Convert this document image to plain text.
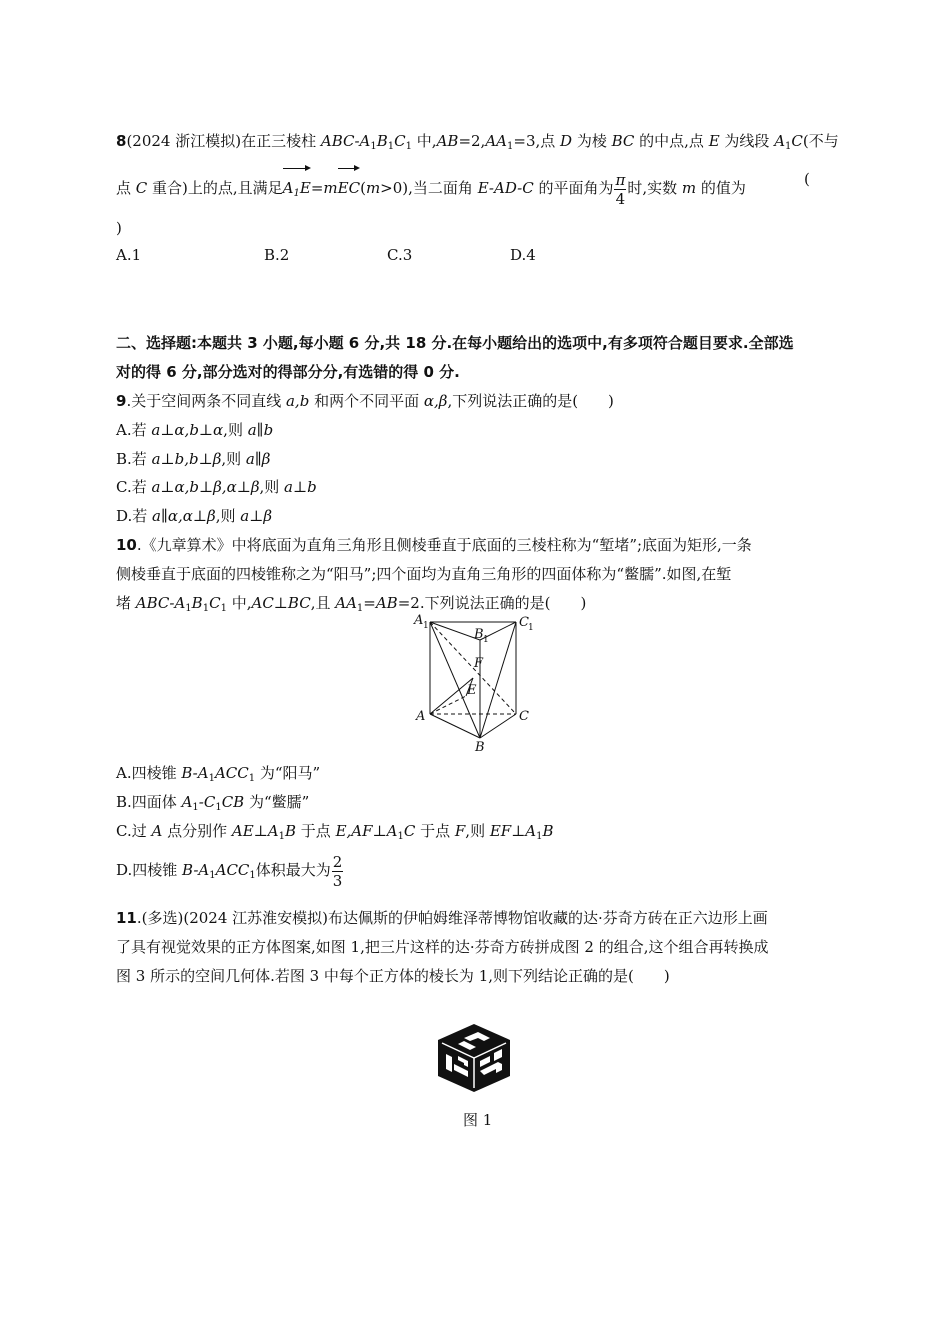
8(2024 浙江模拟)在正三棱柱 ABC-$A_1B_1C_1$ 中$,AB=2,AA_1=3$,点 D 为棱 BC 的中点,点 E 为线段 $A_1C$(不与
点 C 重合)上的点,且满足$A_1E=mEC(m>0)$,当二面角 E-AD-C 的平面角为 $\frac{\pi}{4}$ 时,实数 m 的值为	(
)
A.1	B.2	C.3	D.4
二、选择题:本题共 3 小题,每小题 6 分,共 18 分.在每小题给出的选项中,有多项符合题目要求.全部选
对的得 6 分,部分选对的得部分分,有选错的得 0 分.
9.关于空间两条不同直线 a,b 和两个不同平面 α,β,下列说法正确的是(　　)
A.若 a⊥α,b⊥α,则 a∥b
B.若 a⊥b,b⊥β,则 a∥β
C.若 a⊥α,b⊥β,α⊥β,则 a⊥b
D.若 a∥α,α⊥β,则 a⊥β
10.《九章算术》中将底面为直角三角形且侧棱垂直于底面的三棱柱称为“堑堵”;底面为矩形,一条
侧棱垂直于底面的四棱锥称之为“阳马”;四个面均为直角三角形的四面体称为“鳖臑”.如图,在堑
堵 ABC-$A_1B_1C_1$ 中,AC⊥BC,且 $AA_1=AB=2$.下列说法正确的是(　　)
A 1
B 1
C 1
A
B
C
E
F
A.四棱锥 $B-A_1ACC_1$ 为“阳马”
B.四面体 $A_1-C_1CB$ 为“鳖臑”
C.过 A 点分别作 $AE\perp A_1B$ 于点 $E,AF\perp A_1C$ 于点 F,则 $EF\perp A_1B$
D.四棱锥 $B-A_1ACC_1$体积最大为 $\frac{2}{3}$
11.(多选)(2024 江苏淮安模拟)布达佩斯的伊帕姆维泽蒂博物馆收藏的达·芬奇方砖在正六边形上画
了具有视觉效果的正方体图案,如图 1,把三片这样的达·芬奇方砖拼成图 2 的组合,这个组合再转换成
图 3 所示的空间几何体.若图 3 中每个正方体的棱长为 1,则下列结论正确的是(　　)
图 1
